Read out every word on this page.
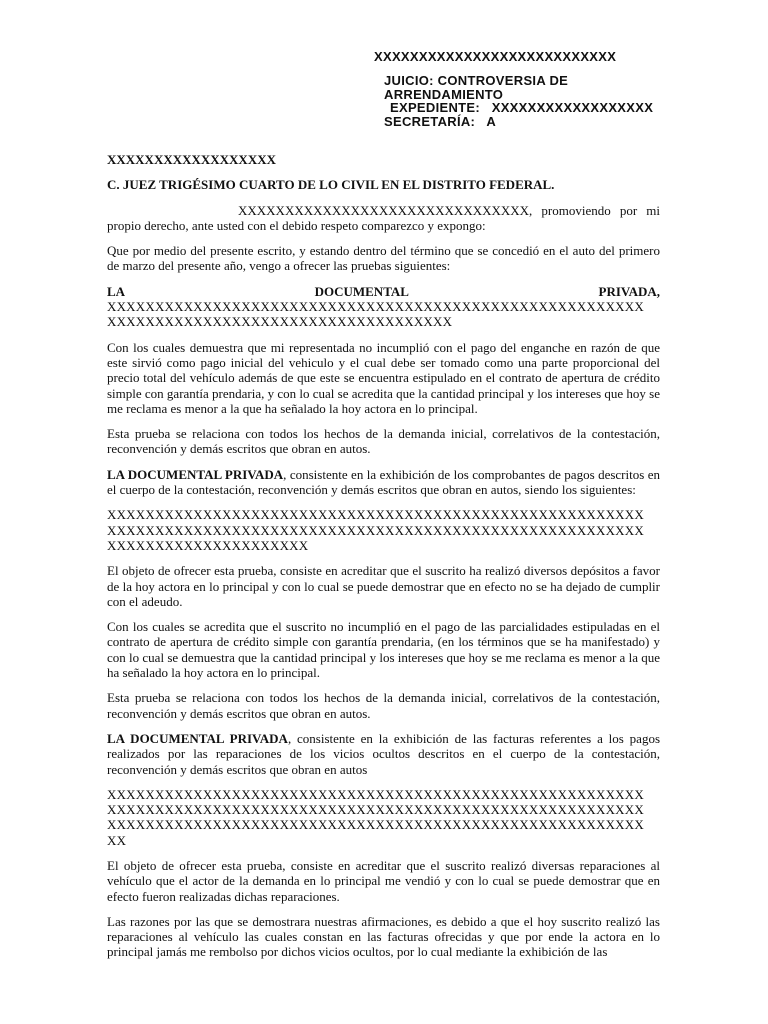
XXXXXXXXXXXXXXXXXXXXXXXXXXX
JUICIO: CONTROVERSIA DE
ARRENDAMIENTO
EXPEDIENTE:   XXXXXXXXXXXXXXXXXX
SECRETARÍA:   A

XXXXXXXXXXXXXXXXXX

C. JUEZ TRIGÉSIMO CUARTO DE LO CIVIL EN EL DISTRITO FEDERAL.

XXXXXXXXXXXXXXXXXXXXXXXXXXXXXXX, promoviendo por mi propio derecho, ante usted con el debido respeto comparezco y expongo:

Que por medio del presente escrito, y estando dentro del término que se concedió en el auto del primero de marzo del presente año, vengo a ofrecer las pruebas siguientes:

LA	DOCUMENTAL	PRIVADA,
XXXXXXXXXXXXXXXXXXXXXXXXXXXXXXXXXXXXXXXXXXXXXXXXXXXXXXXX
XXXXXXXXXXXXXXXXXXXXXXXXXXXXXXXXXXXX

Con los cuales demuestra que mi representada no incumplió con el pago del enganche en razón de que este sirvió como pago inicial del vehiculo y el cual debe ser tomado como una parte proporcional del precio total del vehículo además de que este se encuentra estipulado en el contrato de apertura de crédito simple con garantía prendaria, y con lo cual se acredita que la cantidad principal y los intereses que hoy se me reclama es menor a la que ha señalado la hoy actora en lo principal.

Esta prueba se relaciona con todos los hechos de la demanda inicial, correlativos de la contestación, reconvención y demás escritos que obran en autos.

LA DOCUMENTAL PRIVADA, consistente en la exhibición de los comprobantes de pagos descritos en el cuerpo de la contestación, reconvención y demás escritos que obran en autos, siendo los siguientes:

XXXXXXXXXXXXXXXXXXXXXXXXXXXXXXXXXXXXXXXXXXXXXXXXXXXXXXXX
XXXXXXXXXXXXXXXXXXXXXXXXXXXXXXXXXXXXXXXXXXXXXXXXXXXXXXXX
XXXXXXXXXXXXXXXXXXXXX

El objeto de ofrecer esta prueba, consiste en acreditar que el suscrito ha realizó diversos depósitos a favor de la hoy actora en lo principal y con lo cual se puede demostrar que en efecto no se ha dejado de cumplir con el adeudo.

Con los cuales se acredita que el suscrito no incumplió en el pago de las parcialidades estipuladas en el contrato de apertura de crédito simple con garantía prendaria, (en los términos que se ha manifestado) y con lo cual se demuestra que la cantidad principal y los intereses que hoy se me reclama es menor a la que ha señalado la hoy actora en lo principal.

Esta prueba se relaciona con todos los hechos de la demanda inicial, correlativos de la contestación, reconvención y demás escritos que obran en autos.

LA DOCUMENTAL PRIVADA, consistente en la exhibición de las facturas referentes a los pagos realizados por las reparaciones de los vicios ocultos descritos en el cuerpo de la contestación, reconvención y demás escritos que obran en autos

XXXXXXXXXXXXXXXXXXXXXXXXXXXXXXXXXXXXXXXXXXXXXXXXXXXXXXXX
XXXXXXXXXXXXXXXXXXXXXXXXXXXXXXXXXXXXXXXXXXXXXXXXXXXXXXXX
XXXXXXXXXXXXXXXXXXXXXXXXXXXXXXXXXXXXXXXXXXXXXXXXXXXXXXXX
XX

El objeto de ofrecer esta prueba, consiste en acreditar que el suscrito realizó diversas reparaciones al vehículo que el actor de la demanda en lo principal me vendió y con lo cual se puede demostrar que en efecto fueron realizadas dichas reparaciones.

Las razones por las que se demostrara nuestras afirmaciones, es debido a que el hoy suscrito realizó las reparaciones al vehículo las cuales constan en las facturas ofrecidas y que por ende la actora en lo principal jamás me rembolso por dichos vicios ocultos, por lo cual mediante la exhibición de las
